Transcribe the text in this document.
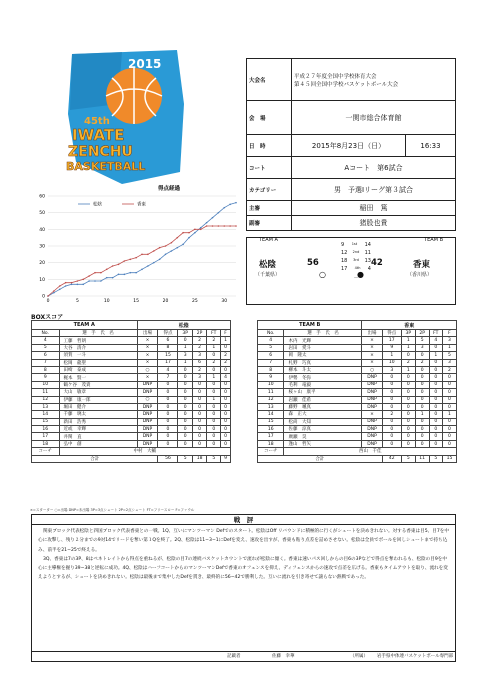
2015
45th
IWATE
ZENCHU
BASKETBALL
大会名	平成２７年度全国中学校体育大会
第４５回全国中学校バスケットボール大会	
会　場	一関市総合体育館	
日　時	2015年8月23日（日）	16:33
コート	Aコート　第6試合	
カテゴリー	男　予選Iリーグ第３試合	
主審	稲田　篤	
副審	猪股也貴	
TEAM A	TEAM B
松陰
（千葉県）
56
○
9 1st 14
12 2nd 11
18 3rd 13
17 4th 4
－
42
●
香東
（香川県）
得点経過
0
10
20
30
40
50
60
0	5	10	15	20	25	30
松陰	香東
BOXスコア
TEAM A		松陰					
No.	選　手　氏　名	出場	得点	3P	2P	FT	F
4	工藤　哲朗	×	6	0	2	2	1
5	大谷　清介	×	8	1	2	1	0
6	須賀　一斗	×	15	3	3	0	2
7	松岡　龍聖	×	17	1	6	2	2
8	田崎　泰成	○	4	0	2	0	0
9	梶本　賢一	×	7	0	3	1	4
10	鶴ケ谷　茂貴	DNP	0	0	0	0	0
11	大山　敏章	DNP	0	0	0	0	0
12	伊藤　康一郎	○	0	0	0	1	0
13	堀田　健介	DNP	0	0	0	0	0
14	千藤　璃太	DNP	0	0	0	0	0
15	新田　浩秀	DNP	0	0	0	0	0
16	近或　幸輝	DNP	0	0	0	0	0
17	井関　直	DNP	0	0	0	0	0
18	弘中　創	DNP	0	0	0	0	0
コーチ	中村　大輔						
合計			56	5	18	5	9
TEAM B		香東					
No.	選　手　氏　名	出場	得点	3P	2P	FT	F
4	木内　光輝	×	17	1	5	4	3
5	岩田　愛斗	×	9	1	3	0	1
6	岡　隆太	×	1	0	0	1	5
7	札野　巧真	×	10	2	2	0	3
8	柳本　斗太	○	3	1	0	0	2
9	伊勢　冬弥	DNP	0	0	0	0	0
10	毛利　竜毅	DNP	0	0	0	0	0
11	桜ヶ山　康平	DNP	0	0	0	0	0
12	岩瀬　佳希	DNP	0	0	0	0	0
13	藤野　颯真	DNP	0	0	0	0	0
14	森　正大	×	2	0	1	0	1
15	松尚　大知	DNP	0	0	0	0	0
16	佐藤　涼真	DNP	0	0	0	0	0
17	廣瀬　昊	DNP	0	0	0	0	0
18	逢山　哲矢	DNP	0	0	0	0	0
コーチ	西山　千佳						
合計			42	5	11	5	15
×=スターター ○=出場 DNP=未出場 3P=3点シュート 2P=2点シュート FT=フリースロー F=ファウル
戦　評

関東ブロック代表松陰と四国ブロック代表香東との一戦。1Q、互いにマンツーマン Defでのスタート。松陰はOff リバウンドに積極的に行くがシュートを決めきれない。対する香東は目5、目7を中心に攻撃し、残り２分までの9対14でリードを奪い第１Qを終了。2Q、松陰は11−3−1にDefを変え、速攻を出すが、香東も粘り点差を詰めさせない。松陰は全員でボールを回しシュートまで持ち込み、前半を21−25で終える。

3Q、香東は7の3P、8はペネトレイトから得点を重ねるが、松陰の目7の連続バスケットカウントで流れが松陰に傾く。香東は速いパス回しからの目6の3Pなどで得点を奪われるも、松陰の目9を中心に主導権を握り39−38と逆転に成功。4Q、松陰はハーフコートからのマンツーマンDefで香東のオフェンスを抑え、ディフェンスからの速攻で点差を広げる。香東もタイムアウトを取り、流れを変えようとするが、シュートを決めきれない。松陰は最後まで集中したDefを貫き、最終的に56−42で勝利した。互いに流れを引き寄せて譲らない熱戦であった。

記載者	佐藤　幸華	（所属） 岩手県中体連バスケットボール専門部
